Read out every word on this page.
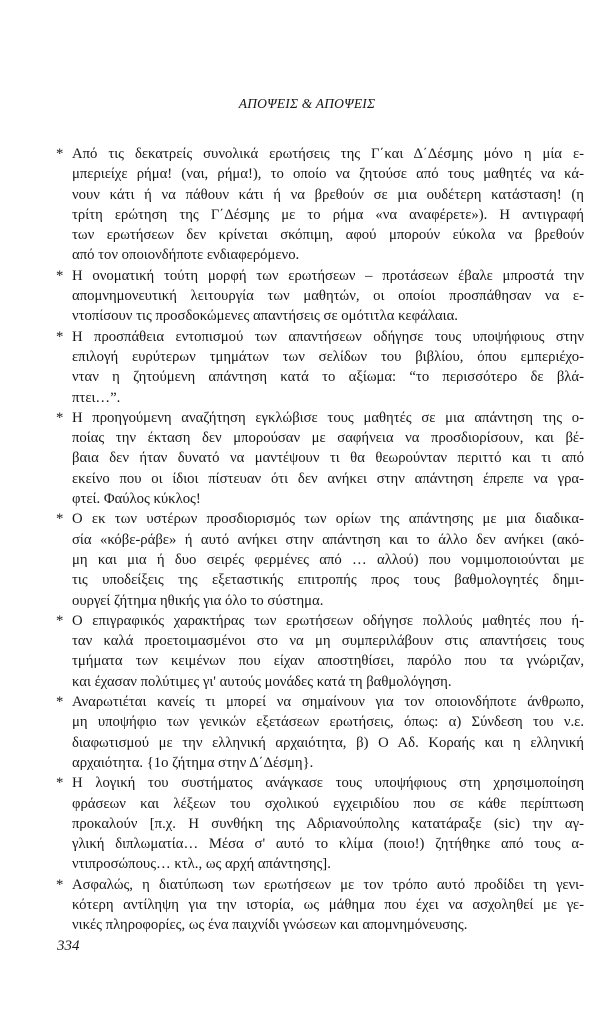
ΑΠΟΨΕΙΣ & ΑΠΟΨΕΙΣ
* Από τις δεκατρείς συνολικά ερωτήσεις της Γ΄και Δ΄Δέσμης μόνο η μία ε-
μπεριείχε ρήμα! (ναι, ρήμα!), το οποίο να ζητούσε από τους μαθητές να κά-
νουν κάτι ή να πάθουν κάτι ή να βρεθούν σε μια ουδέτερη κατάσταση! (η
τρίτη ερώτηση της Γ΄Δέσμης με το ρήμα «να αναφέρετε»). Η αντιγραφή
των ερωτήσεων δεν κρίνεται σκόπιμη, αφού μπορούν εύκολα να βρεθούν
από τον οποιονδήποτε ενδιαφερόμενο.
* Η ονοματική τούτη μορφή των ερωτήσεων – προτάσεων έβαλε μπροστά την
απομνημονευτική λειτουργία των μαθητών, οι οποίοι προσπάθησαν να ε-
ντοπίσουν τις προσδοκώμενες απαντήσεις σε ομότιτλα κεφάλαια.
* Η προσπάθεια εντοπισμού των απαντήσεων οδήγησε τους υποψήφιους στην
επιλογή ευρύτερων τμημάτων των σελίδων του βιβλίου, όπου εμπεριέχο-
νταν η ζητούμενη απάντηση κατά το αξίωμα: “το περισσότερο δε βλά-
πτει…”.
* Η προηγούμενη αναζήτηση εγκλώβισε τους μαθητές σε μια απάντηση της ο-
ποίας την έκταση δεν μπορούσαν με σαφήνεια να προσδιορίσουν, και βέ-
βαια δεν ήταν δυνατό να μαντέψουν τι θα θεωρούνταν περιττό και τι από
εκείνο που οι ίδιοι πίστευαν ότι δεν ανήκει στην απάντηση έπρεπε να γρα-
φτεί. Φαύλος κύκλος!
* Ο εκ των υστέρων προσδιορισμός των ορίων της απάντησης με μια διαδικα-
σία «κόβε-ράβε» ή αυτό ανήκει στην απάντηση και το άλλο δεν ανήκει (ακό-
μη και μια ή δυο σειρές φερμένες από … αλλού) που νομιμοποιούνται με
τις υποδείξεις της εξεταστικής επιτροπής προς τους βαθμολογητές δημι-
ουργεί ζήτημα ηθικής για όλο το σύστημα.
* Ο επιγραφικός χαρακτήρας των ερωτήσεων οδήγησε πολλούς μαθητές που ή-
ταν καλά προετοιμασμένοι στο να μη συμπεριλάβουν στις απαντήσεις τους
τμήματα των κειμένων που είχαν αποστηθίσει, παρόλο που τα γνώριζαν,
και έχασαν πολύτιμες γι' αυτούς μονάδες κατά τη βαθμολόγηση.
* Αναρωτιέται κανείς τι μπορεί να σημαίνουν για τον οποιονδήποτε άνθρωπο,
μη υποψήφιο των γενικών εξετάσεων ερωτήσεις, όπως: α) Σύνδεση του ν.ε.
διαφωτισμού με την ελληνική αρχαιότητα, β) Ο Αδ. Κοραής και η ελληνική
αρχαιότητα. {1ο ζήτημα στην Δ΄Δέσμη}.
* Η λογική του συστήματος ανάγκασε τους υποψήφιους στη χρησιμοποίηση
φράσεων και λέξεων του σχολικού εγχειριδίου που σε κάθε περίπτωση
προκαλούν [π.χ. Η συνθήκη της Αδριανούπολης κατατάραξε (sic) την αγ-
γλική διπλωματία… Μέσα σ' αυτό το κλίμα (ποιο!) ζητήθηκε από τους α-
ντιπροσώπους… κτλ., ως αρχή απάντησης].
* Ασφαλώς, η διατύπωση των ερωτήσεων με τον τρόπο αυτό προδίδει τη γενι-
κότερη αντίληψη για την ιστορία, ως μάθημα που έχει να ασχοληθεί με γε-
νικές πληροφορίες, ως ένα παιχνίδι γνώσεων και απομνημόνευσης.
334
